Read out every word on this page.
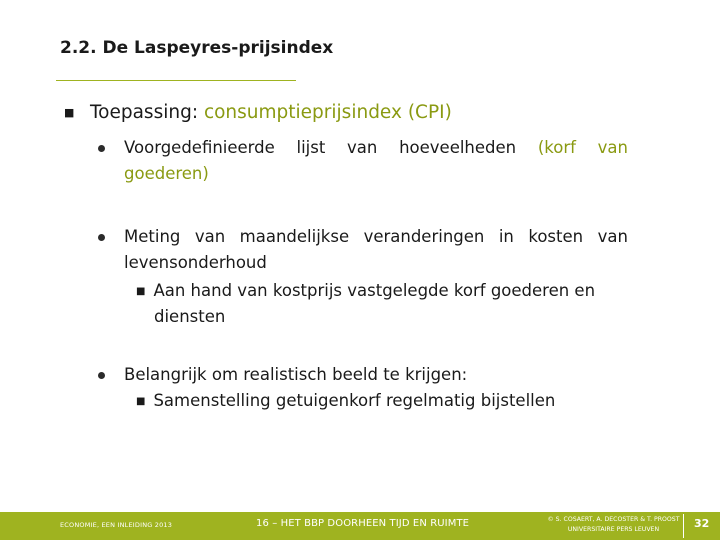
2.2. De Laspeyres-prijsindex
■ Toepassing: consumptieprijsindex (CPI)
Voorgedefinieerde lijst van hoeveelheden (korf van
goederen)
Meting van maandelijkse veranderingen in kosten van
levensonderhoud
■ Aan hand van kostprijs vastgelegde korf goederen en
diensten
Belangrijk om realistisch beeld te krijgen:
■ Samenstelling getuigenkorf regelmatig bijstellen
ECONOMIE, EEN INLEIDING 2013	16 – HET BBP DOORHEEN TIJD EN RUIMTE	© S. COSAERT, A. DECOSTER & T. PROOST
UNIVERSITAIRE PERS LEUVEN	32
